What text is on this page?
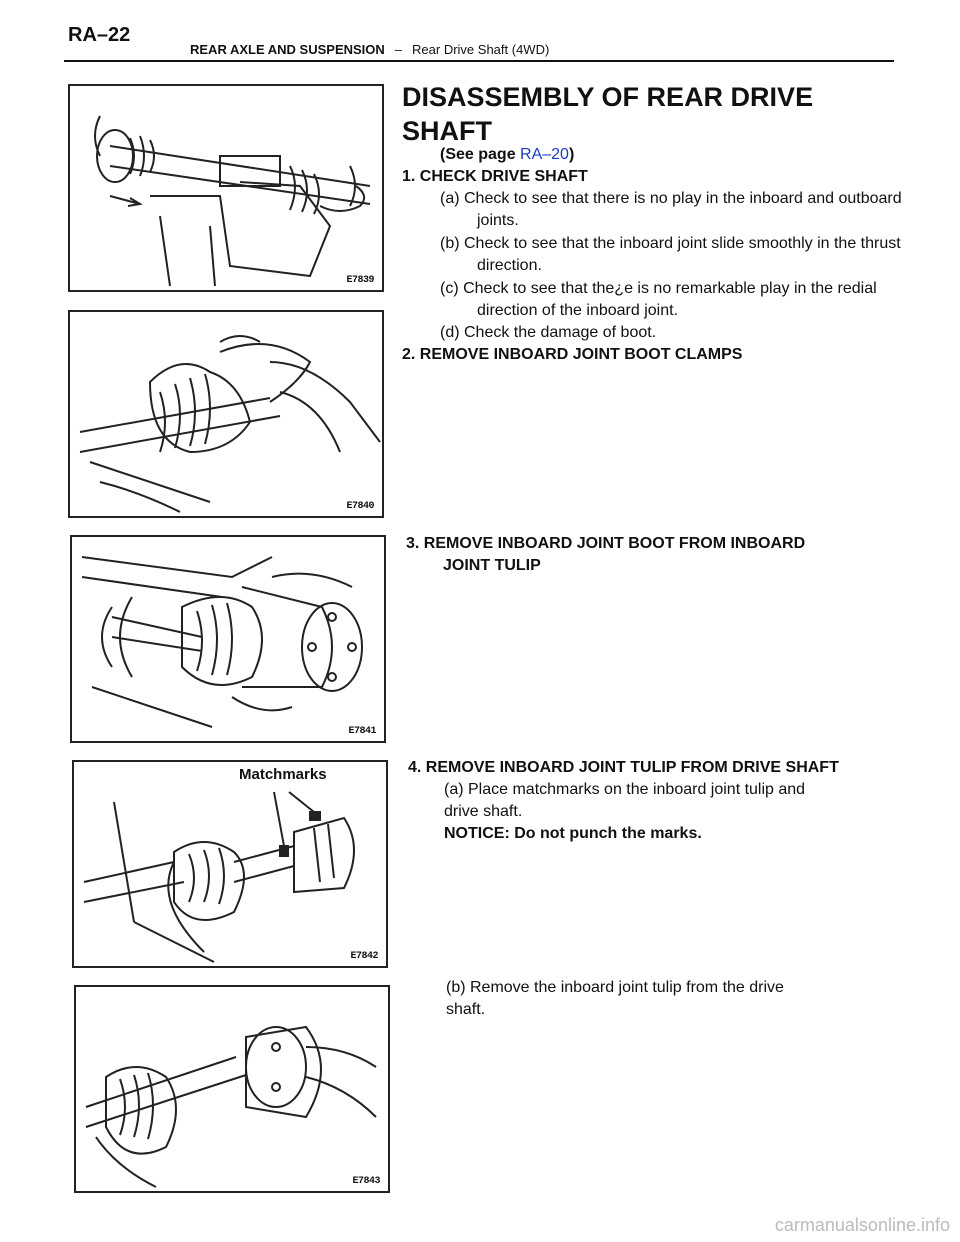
RA–22
REAR AXLE AND SUSPENSION – Rear Drive Shaft (4WD)
E7839
E7840
E7841
Matchmarks
E7842
E7843
DISASSEMBLY OF REAR DRIVE
SHAFT
(See page RA–20)
1. CHECK DRIVE SHAFT
(a) Check to see that there is no play in the inboard and outboard joints.
(b) Check to see that the inboard joint slide smoothly in the thrust direction.
(c) Check to see that the¿e is no remarkable play in the redial direction of the inboard joint.
(d) Check the damage of boot.
2. REMOVE INBOARD JOINT BOOT CLAMPS
3. REMOVE INBOARD JOINT BOOT FROM INBOARD
JOINT TULIP
4. REMOVE INBOARD JOINT TULIP FROM DRIVE SHAFT
(a) Place matchmarks on the inboard joint tulip and
drive shaft.
NOTICE: Do not punch the marks.
(b) Remove the inboard joint tulip from the drive
shaft.
carmanualsonline.info
